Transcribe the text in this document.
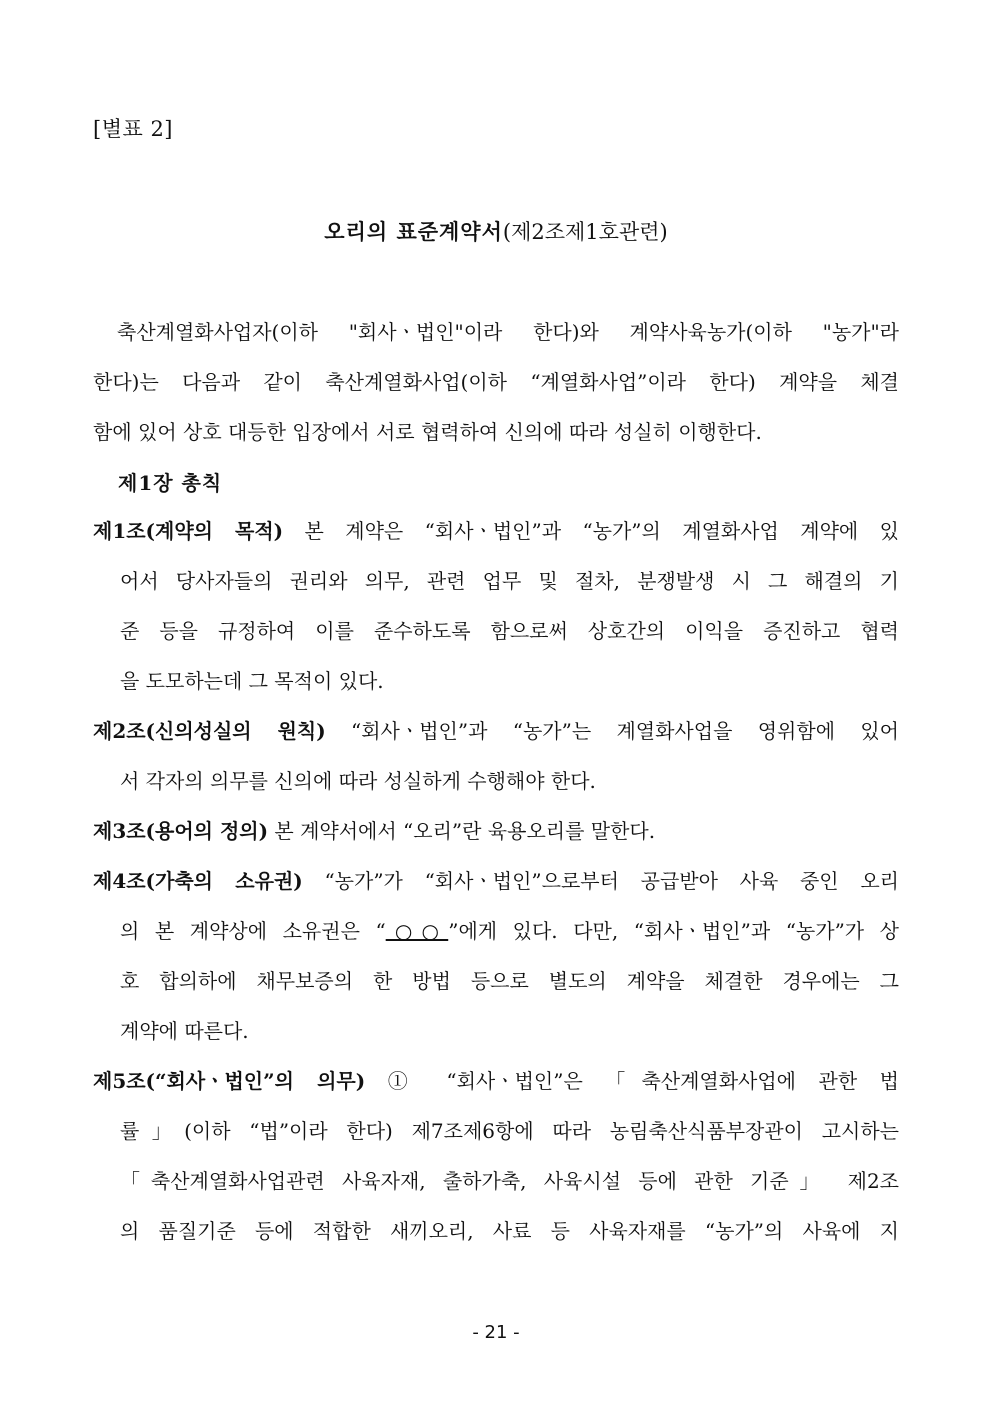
[별표 2]
오리의 표준계약서(제2조제1호관련)
축산계열화사업자(이하 "회사ㆍ법인"이라 한다)와 계약사육농가(이하 "농가"라
한다)는 다음과 같이 축산계열화사업(이하 “계열화사업”이라 한다) 계약을 체결
함에 있어 상호 대등한 입장에서 서로 협력하여 신의에 따라 성실히 이행한다.
제1장 총칙
제1조(계약의 목적) 본 계약은 “회사ㆍ법인”과 “농가”의 계열화사업 계약에 있
어서 당사자들의 권리와 의무, 관련 업무 및 절차, 분쟁발생 시 그 해결의 기
준 등을 규정하여 이를 준수하도록 함으로써 상호간의 이익을 증진하고 협력
을 도모하는데 그 목적이 있다.
제2조(신의성실의 원칙) “회사ㆍ법인”과 “농가”는 계열화사업을 영위함에 있어
서 각자의 의무를 신의에 따라 성실하게 수행해야 한다.
제3조(용어의 정의) 본 계약서에서 “오리”란 육용오리를 말한다.
제4조(가축의 소유권) “농가”가 “회사ㆍ법인”으로부터 공급받아 사육 중인 오리
의 본 계약상에 소유권은 “○○”에게 있다. 다만, “회사ㆍ법인”과 “농가”가 상
호 합의하에 채무보증의 한 방법 등으로 별도의 계약을 체결한 경우에는 그
계약에 따른다.
제5조(“회사ㆍ법인”의 의무) ① “회사ㆍ법인”은 「축산계열화사업에 관한 법
률」(이하 “법”이라 한다) 제7조제6항에 따라 농림축산식품부장관이 고시하는
「축산계열화사업관련 사육자재, 출하가축, 사육시설 등에 관한 기준」 제2조
의 품질기준 등에 적합한 새끼오리, 사료 등 사육자재를 “농가”의 사육에 지
- 21 -
